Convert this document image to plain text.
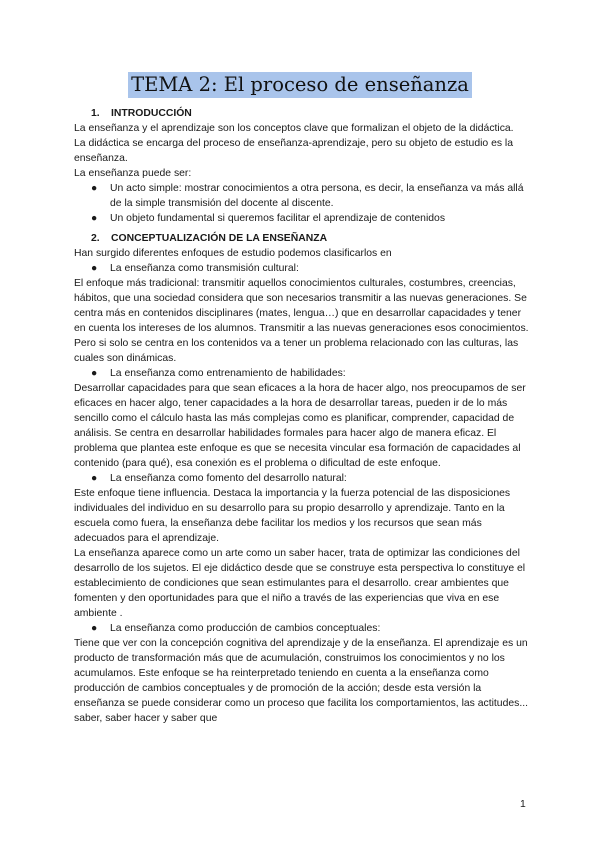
TEMA 2: El proceso de enseñanza
1. INTRODUCCIÓN

La enseñanza y el aprendizaje son los conceptos clave que formalizan el objeto de la didáctica.

La didáctica se encarga del proceso de enseñanza-aprendizaje, pero su objeto de estudio es la enseñanza.

La enseñanza puede ser:

● Un acto simple: mostrar conocimientos a otra persona, es decir, la enseñanza va más allá de la simple transmisión del docente al discente.
● Un objeto fundamental si queremos facilitar el aprendizaje de contenidos
2. CONCEPTUALIZACIÓN DE LA ENSEÑANZA

Han surgido diferentes enfoques de estudio podemos clasificarlos en

● La enseñanza como transmisión cultural:

El enfoque más tradicional: transmitir aquellos conocimientos culturales, costumbres, creencias, hábitos, que una sociedad considera que son necesarios transmitir a las nuevas generaciones. Se centra más en contenidos disciplinares (mates, lengua…) que en desarrollar capacidades y tener en cuenta los intereses de los alumnos. Transmitir a las nuevas generaciones esos conocimientos. Pero si solo se centra en los contenidos va a tener un problema relacionado con las culturas, las cuales son dinámicas.

● La enseñanza como entrenamiento de habilidades:

Desarrollar capacidades para que sean eficaces a la hora de hacer algo, nos preocupamos de ser eficaces en hacer algo, tener capacidades a la hora de desarrollar tareas, pueden ir de lo más sencillo como el cálculo hasta las más complejas como es planificar, comprender, capacidad de análisis. Se centra en desarrollar habilidades formales para hacer algo de manera eficaz. El problema que plantea este enfoque es que se necesita vincular esa formación de capacidades al contenido (para qué), esa conexión es el problema o dificultad de este enfoque.

● La enseñanza como fomento del desarrollo natural:

Este enfoque tiene influencia. Destaca la importancia y la fuerza potencial de las disposiciones individuales del individuo en su desarrollo para su propio desarrollo y aprendizaje. Tanto en la escuela como fuera, la enseñanza debe facilitar los medios y los recursos que sean más adecuados para el aprendizaje.

La enseñanza aparece como un arte como un saber hacer, trata de optimizar las condiciones del desarrollo de los sujetos. El eje didáctico desde que se construye esta perspectiva lo constituye el establecimiento de condiciones que sean estimulantes para el desarrollo. crear ambientes que fomenten y den oportunidades para que el niño a través de las experiencias que viva en ese ambiente .

● La enseñanza como producción de cambios conceptuales:

Tiene que ver con la concepción cognitiva del aprendizaje y de la enseñanza. El aprendizaje es un producto de transformación más que de acumulación, construimos los conocimientos y no los acumulamos. Este enfoque se ha reinterpretado teniendo en cuenta a la enseñanza como producción de cambios conceptuales y de promoción de la acción; desde esta versión la enseñanza se puede considerar como un proceso que facilita los comportamientos, las actitudes...

saber, saber hacer y saber que

1
